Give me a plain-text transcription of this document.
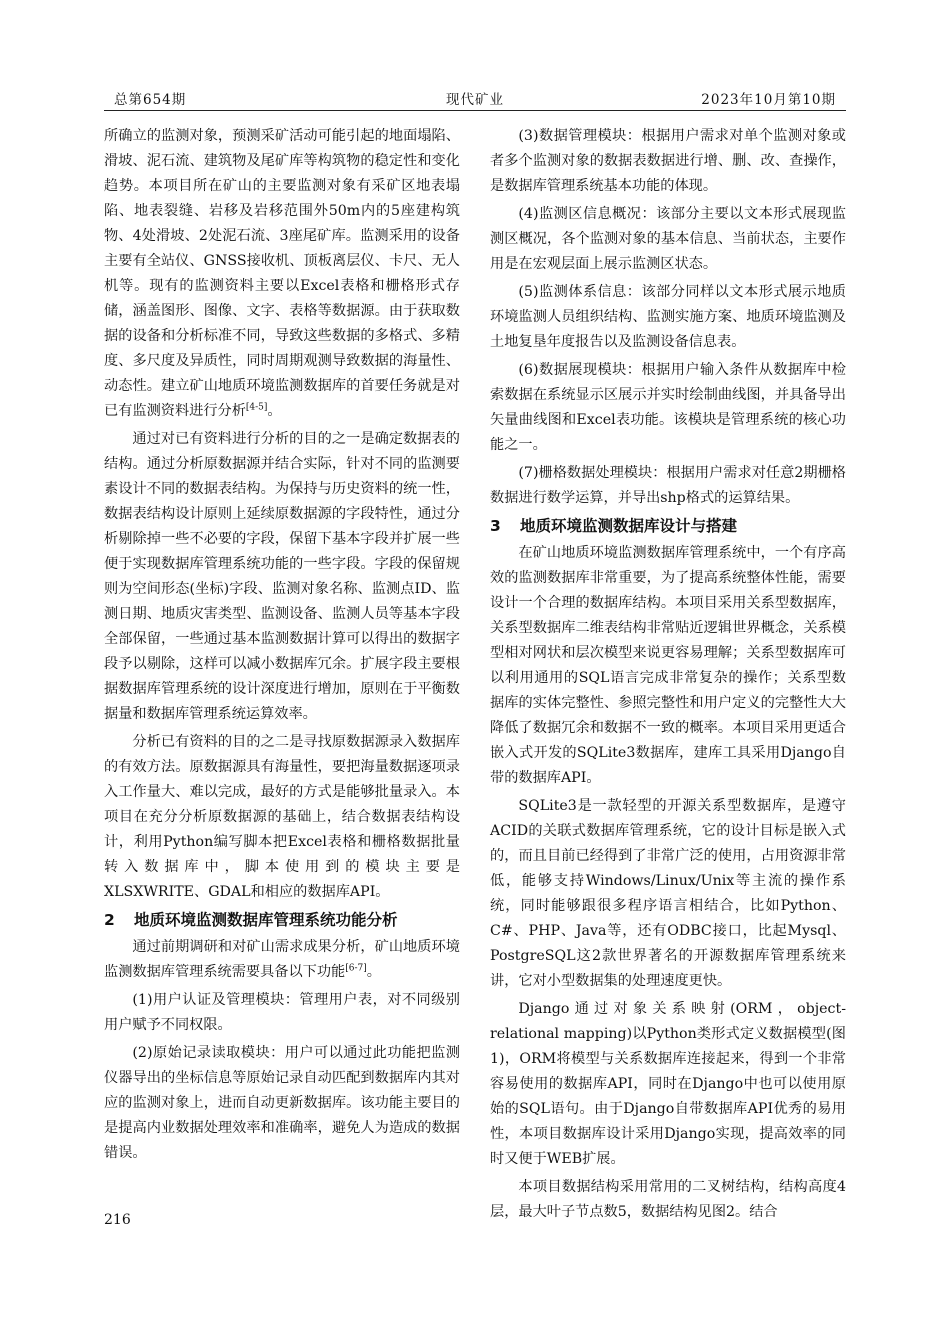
总第654期	现代矿业	2023年10月第10期

所确立的监测对象，预测采矿活动可能引起的地面塌陷、滑坡、泥石流、建筑物及尾矿库等构筑物的稳定性和变化趋势。本项目所在矿山的主要监测对象有采矿区地表塌陷、地表裂缝、岩移及岩移范围外50m内的5座建构筑物、4处滑坡、2处泥石流、3座尾矿库。监测采用的设备主要有全站仪、GNSS接收机、顶板离层仪、卡尺、无人机等。现有的监测资料主要以Excel表格和栅格形式存储，涵盖图形、图像、文字、表格等数据源。由于获取数据的设备和分析标准不同，导致这些数据的多格式、多精度、多尺度及异质性，同时周期观测导致数据的海量性、动态性。建立矿山地质环境监测数据库的首要任务就是对已有监测资料进行分析[4-5]。

通过对已有资料进行分析的目的之一是确定数据表的结构。通过分析原数据源并结合实际，针对不同的监测要素设计不同的数据表结构。为保持与历史资料的统一性，数据表结构设计原则上延续原数据源的字段特性，通过分析剔除掉一些不必要的字段，保留下基本字段并扩展一些便于实现数据库管理系统功能的一些字段。字段的保留规则为空间形态(坐标)字段、监测对象名称、监测点ID、监测日期、地质灾害类型、监测设备、监测人员等基本字段全部保留，一些通过基本监测数据计算可以得出的数据字段予以剔除，这样可以减小数据库冗余。扩展字段主要根据数据库管理系统的设计深度进行增加，原则在于平衡数据量和数据库管理系统运算效率。

分析已有资料的目的之二是寻找原数据源录入数据库的有效方法。原数据源具有海量性，要把海量数据逐项录入工作量大、难以完成，最好的方式是能够批量录入。本项目在充分分析原数据源的基础上，结合数据表结构设计，利用Python编写脚本把Excel表格和栅格数据批量转入数据库中，脚本使用到的模块主要是XLSXWRITE、GDAL和相应的数据库API。

2 地质环境监测数据库管理系统功能分析

通过前期调研和对矿山需求成果分析，矿山地质环境监测数据库管理系统需要具备以下功能[6-7]。

(1)用户认证及管理模块：管理用户表，对不同级别用户赋予不同权限。

(2)原始记录读取模块：用户可以通过此功能把监测仪器导出的坐标信息等原始记录自动匹配到数据库内其对应的监测对象上，进而自动更新数据库。该功能主要目的是提高内业数据处理效率和准确率，避免人为造成的数据错误。

(3)数据管理模块：根据用户需求对单个监测对象或者多个监测对象的数据表数据进行增、删、改、查操作，是数据库管理系统基本功能的体现。

(4)监测区信息概况：该部分主要以文本形式展现监测区概况，各个监测对象的基本信息、当前状态，主要作用是在宏观层面上展示监测区状态。

(5)监测体系信息：该部分同样以文本形式展示地质环境监测人员组织结构、监测实施方案、地质环境监测及土地复垦年度报告以及监测设备信息表。

(6)数据展现模块：根据用户输入条件从数据库中检索数据在系统显示区展示并实时绘制曲线图，并具备导出矢量曲线图和Excel表功能。该模块是管理系统的核心功能之一。

(7)栅格数据处理模块：根据用户需求对任意2期栅格数据进行数学运算，并导出shp格式的运算结果。

3 地质环境监测数据库设计与搭建

在矿山地质环境监测数据库管理系统中，一个有序高效的监测数据库非常重要，为了提高系统整体性能，需要设计一个合理的数据库结构。本项目采用关系型数据库，关系型数据库二维表结构非常贴近逻辑世界概念，关系模型相对网状和层次模型来说更容易理解；关系型数据库可以利用通用的SQL语言完成非常复杂的操作；关系型数据库的实体完整性、参照完整性和用户定义的完整性大大降低了数据冗余和数据不一致的概率。本项目采用更适合嵌入式开发的SQLite3数据库，建库工具采用Django自带的数据库API。

SQLite3是一款轻型的开源关系型数据库，是遵守ACID的关联式数据库管理系统，它的设计目标是嵌入式的，而且目前已经得到了非常广泛的使用，占用资源非常低，能够支持Windows/Linux/Unix等主流的操作系统，同时能够跟很多程序语言相结合，比如Python、C#、PHP、Java等，还有ODBC接口，比起Mysql、PostgreSQL这2款世界著名的开源数据库管理系统来讲，它对小型数据集的处理速度更快。

Django通过对象关系映射(ORM，object-relational mapping)以Python类形式定义数据模型(图1)，ORM将模型与关系数据库连接起来，得到一个非常容易使用的数据库API，同时在Django中也可以使用原始的SQL语句。由于Django自带数据库API优秀的易用性，本项目数据库设计采用Django实现，提高效率的同时又便于WEB扩展。

本项目数据结构采用常用的二叉树结构，结构高度4层，最大叶子节点数5，数据结构见图2。结合

216
